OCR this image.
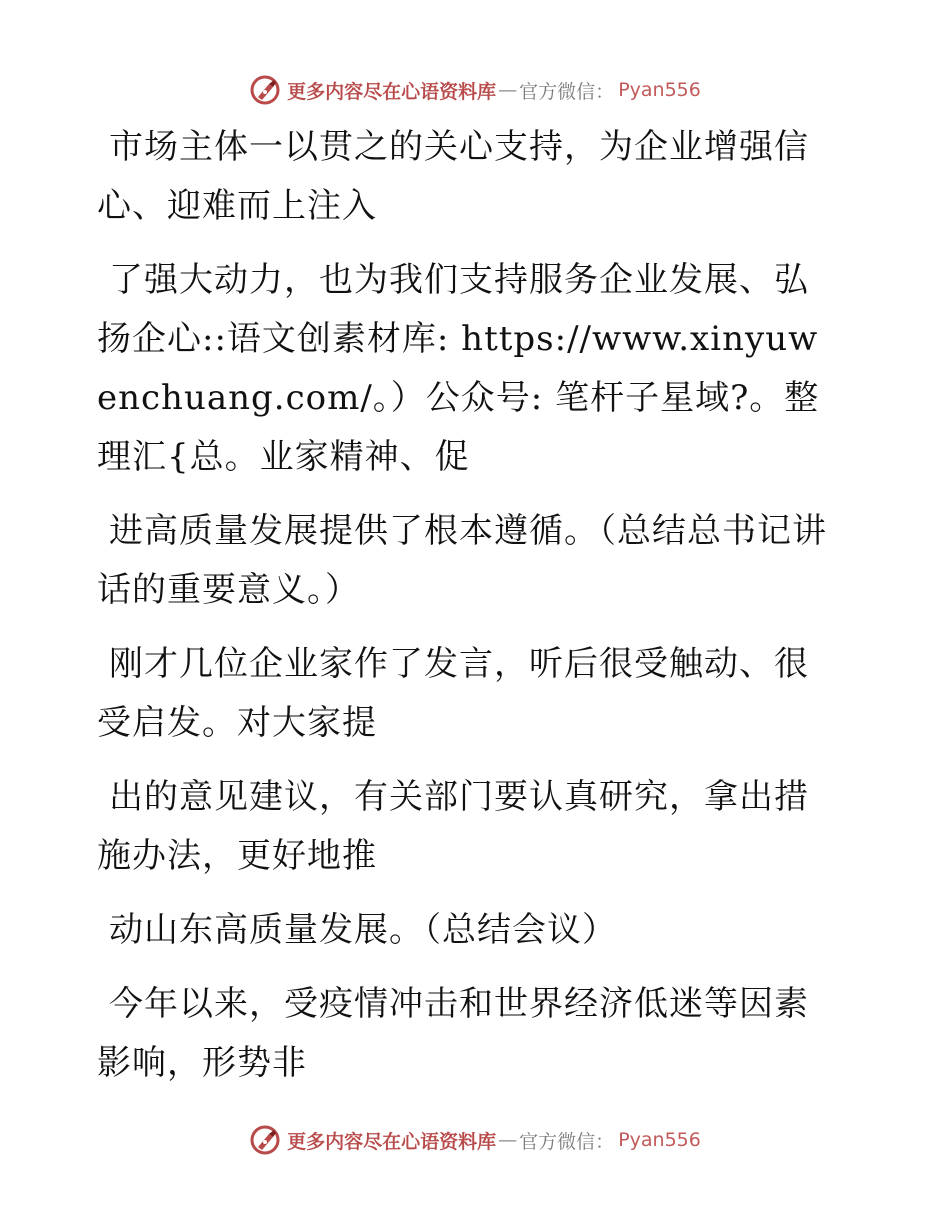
更多内容尽在心语资料库 — 官方微信： Pyan556

市场主体一以贯之的关心支持，为企业增强信心、迎难而上注入

了强大动力，也为我们支持服务企业发展、弘扬企心::语文创素材库: https://www.xinyuwenchuang.com/。）公众号: 笔杆子星域?。整理汇{总。业家精神、促

进高质量发展提供了根本遵循。（总结总书记讲话的重要意义。）

刚才几位企业家作了发言，听后很受触动、很受启发。对大家提

出的意见建议，有关部门要认真研究，拿出措施办法，更好地推

动山东高质量发展。（总结会议）

今年以来，受疫情冲击和世界经济低迷等因素影响，形势非

更多内容尽在心语资料库 — 官方微信： Pyan556
